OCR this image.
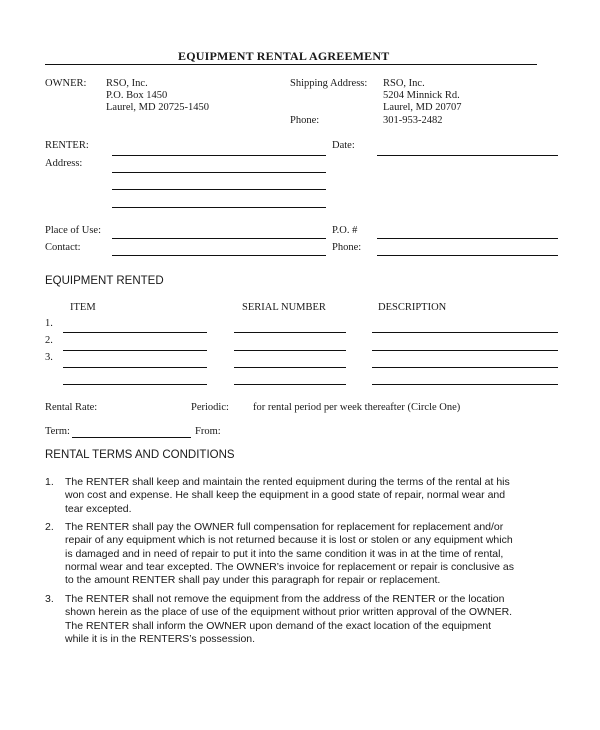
EQUIPMENT RENTAL AGREEMENT
OWNER: RSO, Inc.
P.O. Box 1450
Laurel, MD 20725-1450
Shipping Address: RSO, Inc.
5204 Minnick Rd.
Laurel, MD 20707
Phone:	301-953-2482
RENTER:	Date:
Address:
Place of Use:	P.O. #
Contact:	Phone:
EQUIPMENT RENTED
ITEM	SERIAL NUMBER	DESCRIPTION
1.
2.
3.
Rental Rate:	Periodic: for rental period per week thereafter (Circle One)
Term:	From:
RENTAL TERMS AND CONDITIONS
1. The RENTER shall keep and maintain the rented equipment during the terms of the rental at his
won cost and expense. He shall keep the equipment in a good state of repair, normal wear and
tear excepted.
2. The RENTER shall pay the OWNER full compensation for replacement for replacement and/or
repair of any equipment which is not returned because it is lost or stolen or any equipment which
is damaged and in need of repair to put it into the same condition it was in at the time of rental,
normal wear and tear excepted. The OWNER’s invoice for replacement or repair is conclusive as
to the amount RENTER shall pay under this paragraph for repair or replacement.
3. The RENTER shall not remove the equipment from the address of the RENTER or the location
shown herein as the place of use of the equipment without prior written approval of the OWNER.
The RENTER shall inform the OWNER upon demand of the exact location of the equipment
while it is in the RENTERS’s possession.
